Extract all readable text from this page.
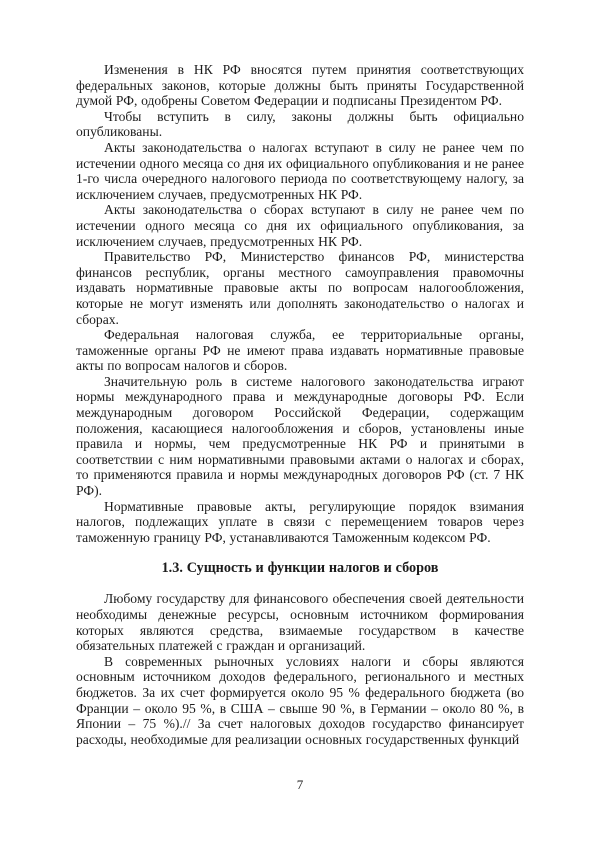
Изменения в НК РФ вносятся путем принятия соответствующих федеральных законов, которые должны быть приняты Государственной думой РФ, одобрены Советом Федерации и подписаны Президентом РФ.

Чтобы вступить в силу, законы должны быть официально опубликованы.

Акты законодательства о налогах вступают в силу не ранее чем по истечении одного месяца со дня их официального опубликования и не ранее 1-го числа очередного налогового периода по соответствующему налогу, за исключением случаев, предусмотренных НК РФ.

Акты законодательства о сборах вступают в силу не ранее чем по истечении одного месяца со дня их официального опубликования, за исключением случаев, предусмотренных НК РФ.

Правительство РФ, Министерство финансов РФ, министерства финансов республик, органы местного самоуправления правомочны издавать нормативные правовые акты по вопросам налогообложения, которые не могут изменять или дополнять законодательство о налогах и сборах.

Федеральная налоговая служба, ее территориальные органы, таможенные органы РФ не имеют права издавать нормативные правовые акты по вопросам налогов и сборов.

Значительную роль в системе налогового законодательства играют нормы международного права и международные договоры РФ. Если международным договором Российской Федерации, содержащим положения, касающиеся налогообложения и сборов, установлены иные правила и нормы, чем предусмотренные НК РФ и принятыми в соответствии с ним нормативными правовыми актами о налогах и сборах, то применяются правила и нормы международных договоров РФ (ст. 7 НК РФ).

Нормативные правовые акты, регулирующие порядок взимания налогов, подлежащих уплате в связи с перемещением товаров через таможенную границу РФ, устанавливаются Таможенным кодексом РФ.

1.3. Сущность и функции налогов и сборов

Любому государству для финансового обеспечения своей деятельности необходимы денежные ресурсы, основным источником формирования которых являются средства, взимаемые государством в качестве обязательных платежей с граждан и организаций.

В современных рыночных условиях налоги и сборы являются основным источником доходов федерального, регионального и местных бюджетов. За их счет формируется около 95 % федерального бюджета (во Франции – около 95 %, в США – свыше 90 %, в Германии – около 80 %, в Японии – 75 %).// За счет налоговых доходов государство финансирует расходы, необходимые для реализации основных государственных функций

7
